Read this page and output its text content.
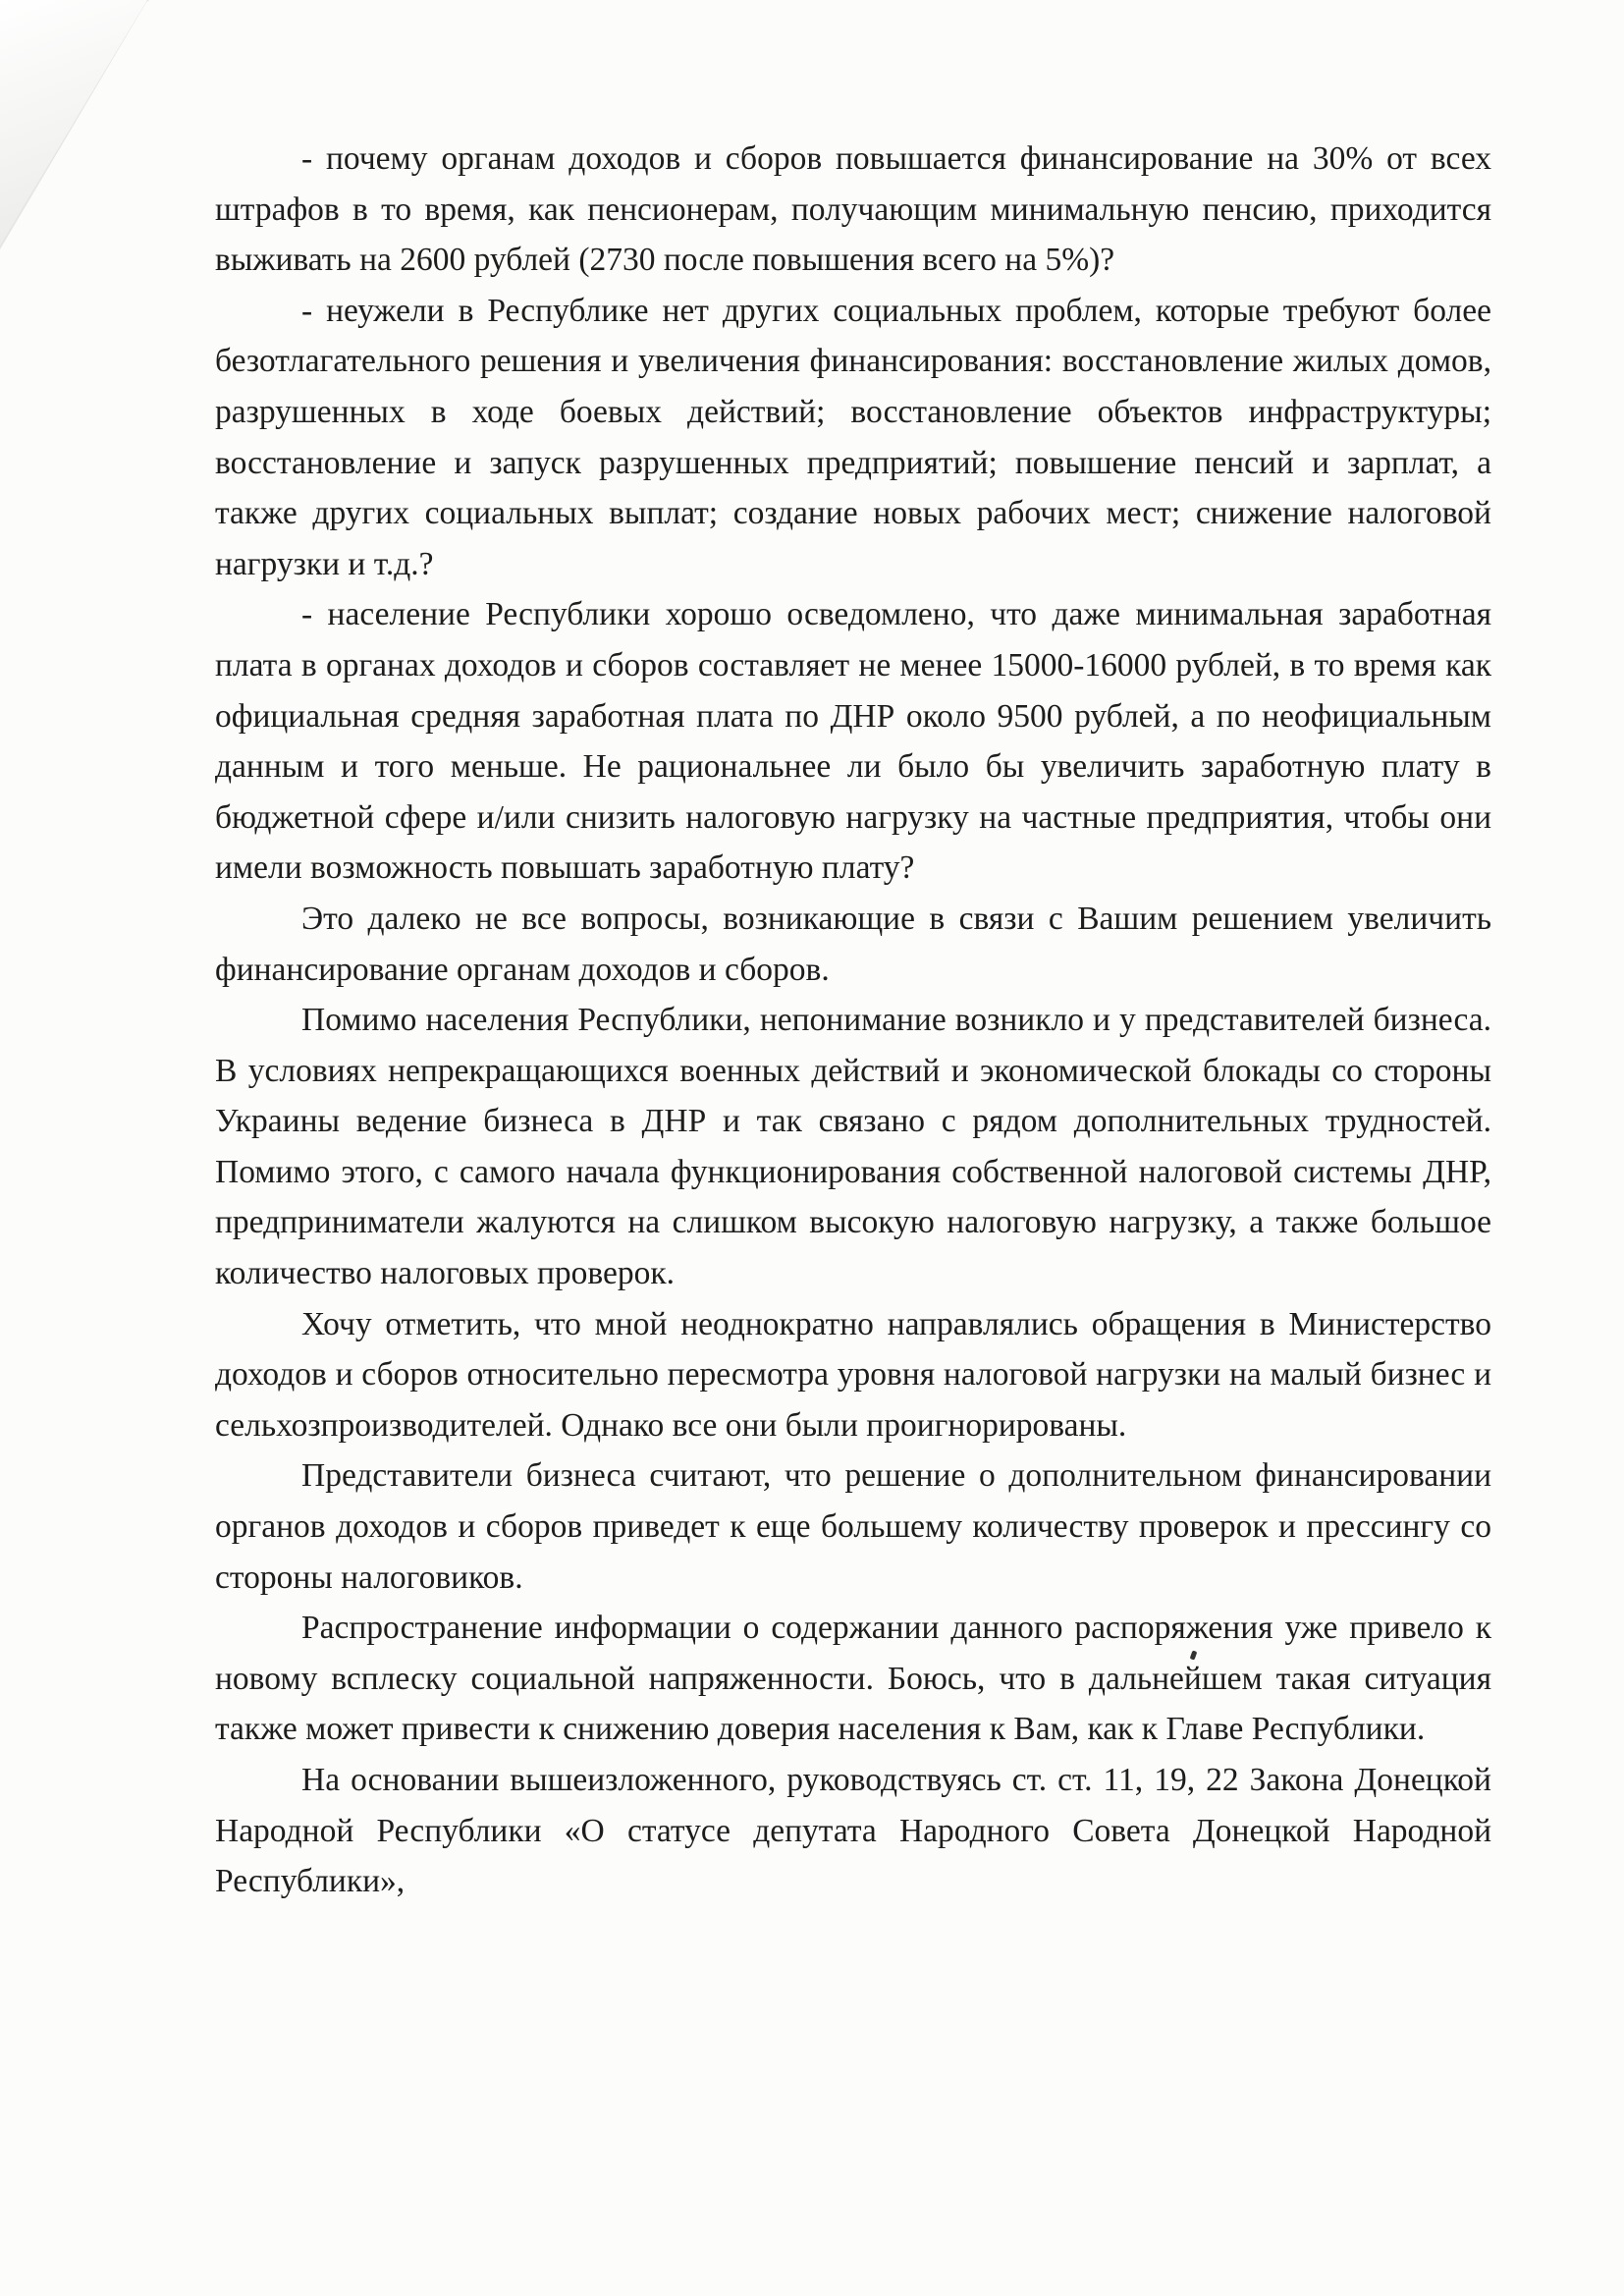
- почему органам доходов и сборов повышается финансирование на 30% от всех штрафов в то время, как пенсионерам, получающим минимальную пенсию, приходится выживать на 2600 рублей (2730 после повышения всего на 5%)?

- неужели в Республике нет других социальных проблем, которые требуют более безотлагательного решения и увеличения финансирования: восстановление жилых домов, разрушенных в ходе боевых действий; восстановление объектов инфраструктуры; восстановление и запуск разрушенных предприятий; повышение пенсий и зарплат, а также других социальных выплат; создание новых рабочих мест; снижение налоговой нагрузки и т.д.?

- население Республики хорошо осведомлено, что даже минимальная заработная плата в органах доходов и сборов составляет не менее 15000-16000 рублей, в то время как официальная средняя заработная плата по ДНР около 9500 рублей, а по неофициальным данным и того меньше. Не рациональнее ли было бы увеличить заработную плату в бюджетной сфере и/или снизить налоговую нагрузку на частные предприятия, чтобы они имели возможность повышать заработную плату?

Это далеко не все вопросы, возникающие в связи с Вашим решением увеличить финансирование органам доходов и сборов.

Помимо населения Республики, непонимание возникло и у представителей бизнеса. В условиях непрекращающихся военных действий и экономической блокады со стороны Украины ведение бизнеса в ДНР и так связано с рядом дополнительных трудностей. Помимо этого, с самого начала функционирования собственной налоговой системы ДНР, предприниматели жалуются на слишком высокую налоговую нагрузку, а также большое количество налоговых проверок.

Хочу отметить, что мной неоднократно направлялись обращения в Министерство доходов и сборов относительно пересмотра уровня налоговой нагрузки на малый бизнес и сельхозпроизводителей. Однако все они были проигнорированы.

Представители бизнеса считают, что решение о дополнительном финансировании органов доходов и сборов приведет к еще большему количеству проверок и прессингу со стороны налоговиков.

Распространение информации о содержании данного распоряжения уже привело к новому всплеску социальной напряженности. Боюсь, что в дальнейшем такая ситуация также может привести к снижению доверия населения к Вам, как к Главе Республики.

На основании вышеизложенного, руководствуясь ст. ст. 11, 19, 22 Закона Донецкой Народной Республики «О статусе депутата Народного Совета Донецкой Народной Республики»,
